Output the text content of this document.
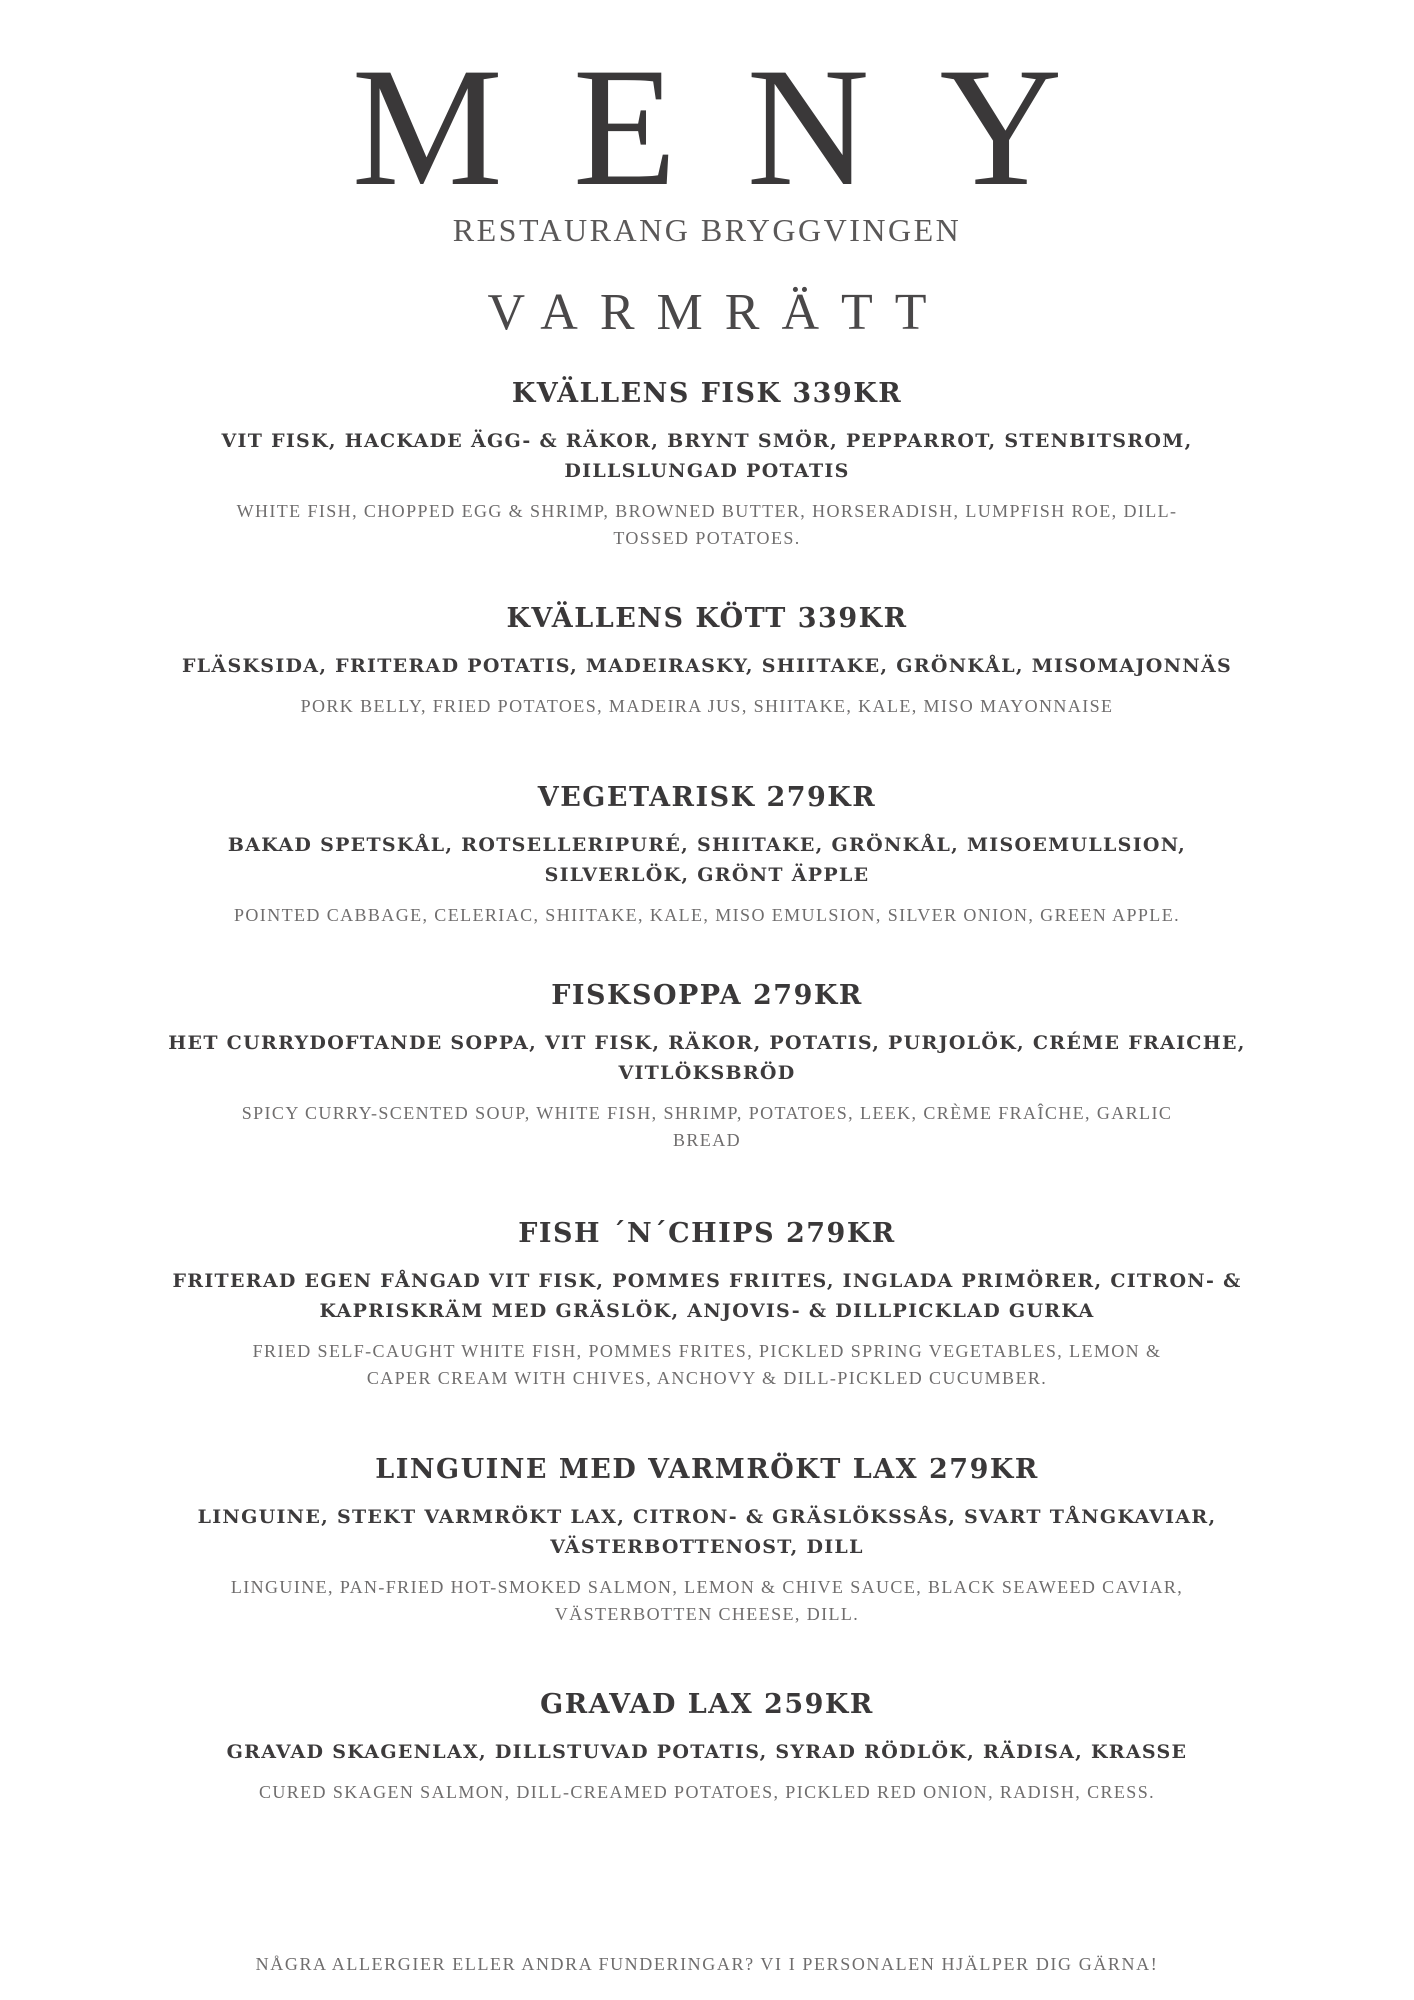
MENY
RESTAURANG BRYGGVINGEN
VARMRÄTT
KVÄLLENS FISK 339KR
VIT FISK, HACKADE ÄGG- & RÄKOR, BRYNT SMÖR, PEPPARROT, STENBITSROM, DILLSLUNGAD POTATIS
WHITE FISH, CHOPPED EGG & SHRIMP, BROWNED BUTTER, HORSERADISH, LUMPFISH ROE, DILL-TOSSED POTATOES.
KVÄLLENS KÖTT 339KR
FLÄSKSIDA, FRITERAD POTATIS, MADEIRASKY, SHIITAKE, GRÖNKÅL, MISOMAJONNÄS
PORK BELLY, FRIED POTATOES, MADEIRA JUS, SHIITAKE, KALE, MISO MAYONNAISE
VEGETARISK 279KR
BAKAD SPETSKÅL, ROTSELLERIPURÉ, SHIITAKE, GRÖNKÅL, MISOEMULLSION, SILVERLÖK, GRÖNT ÄPPLE
POINTED CABBAGE, CELERIAC, SHIITAKE, KALE, MISO EMULSION, SILVER ONION, GREEN APPLE.
FISKSOPPA 279KR
HET CURRYDOFTANDE SOPPA, VIT FISK, RÄKOR, POTATIS, PURJOLÖK, CRÉME FRAICHE, VITLÖKSBRÖD
SPICY CURRY-SCENTED SOUP, WHITE FISH, SHRIMP, POTATOES, LEEK, CRÈME FRAÎCHE, GARLIC BREAD
FISH ´N´CHIPS 279KR
FRITERAD EGEN FÅNGAD VIT FISK, POMMES FRIITES, INGLADA PRIMÖRER, CITRON- & KAPRISKRÄM MED GRÄSLÖK, ANJOVIS- & DILLPICKLAD GURKA
FRIED SELF-CAUGHT WHITE FISH, POMMES FRITES, PICKLED SPRING VEGETABLES, LEMON & CAPER CREAM WITH CHIVES, ANCHOVY & DILL-PICKLED CUCUMBER.
LINGUINE MED VARMRÖKT LAX 279KR
LINGUINE, STEKT VARMRÖKT LAX, CITRON- & GRÄSLÖKSSÅS, SVART TÅNGKAVIAR, VÄSTERBOTTENOST, DILL
LINGUINE, PAN-FRIED HOT-SMOKED SALMON, LEMON & CHIVE SAUCE, BLACK SEAWEED CAVIAR, VÄSTERBOTTEN CHEESE, DILL.
GRAVAD LAX 259KR
GRAVAD SKAGENLAX, DILLSTUVAD POTATIS, SYRAD RÖDLÖK, RÄDISA, KRASSE
CURED SKAGEN SALMON, DILL-CREAMED POTATOES, PICKLED RED ONION, RADISH, CRESS.
NÅGRA ALLERGIER ELLER ANDRA FUNDERINGAR? VI I PERSONALEN HJÄLPER DIG GÄRNA!
